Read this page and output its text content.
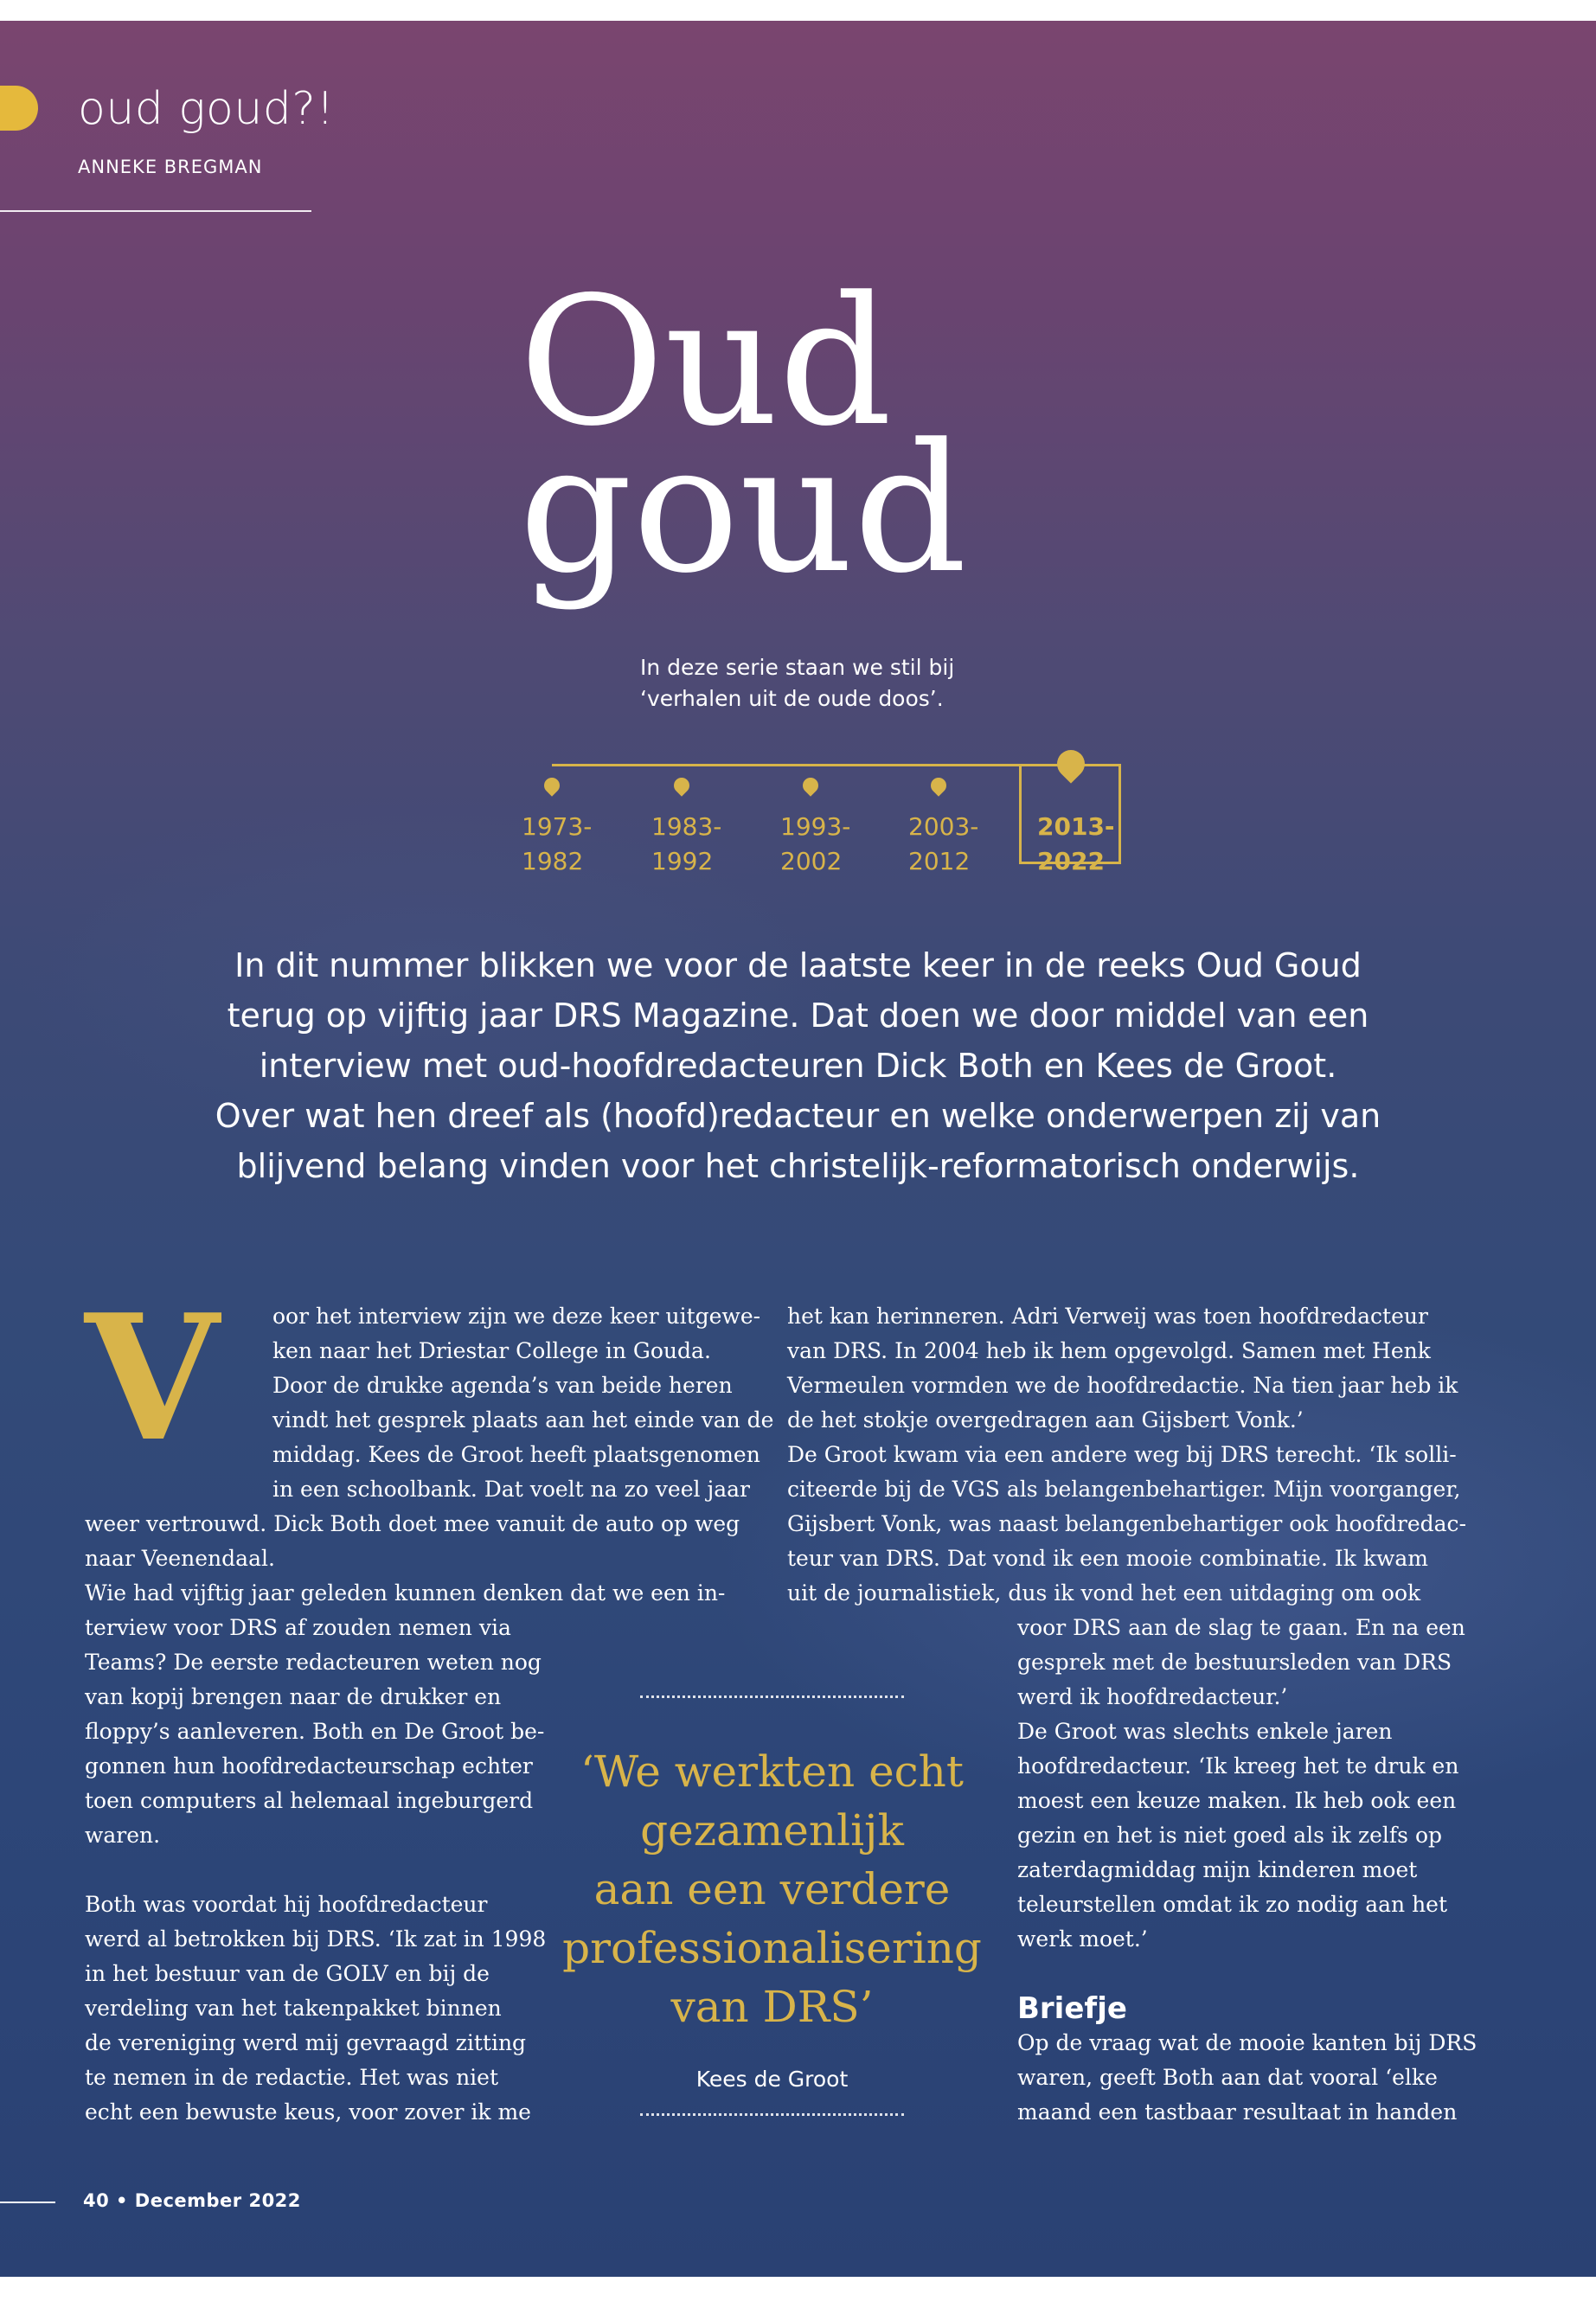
oud goud?!
ANNEKE BREGMAN
Oud
goud
In deze serie staan we stil bij
‘verhalen uit de oude doos’.
1973-
1982
1983-
1992
1993-
2002
2003-
2012
2013-
2022
In dit nummer blikken we voor de laatste keer in de reeks Oud Goud
terug op vijftig jaar DRS Magazine. Dat doen we door middel van een
interview met oud-hoofdredacteuren Dick Both en Kees de Groot.
Over wat hen dreef als (hoofd)redacteur en welke onderwerpen zij van
blijvend belang vinden voor het christelijk-reformatorisch onderwijs.
V oor het interview zijn we deze keer uitgewe-
ken naar het Driestar College in Gouda.
Door de drukke agenda’s van beide heren
vindt het gesprek plaats aan het einde van de
middag. Kees de Groot heeft plaatsgenomen
in een schoolbank. Dat voelt na zo veel jaar
weer vertrouwd. Dick Both doet mee vanuit de auto op weg
naar Veenendaal.
Wie had vijftig jaar geleden kunnen denken dat we een in-
terview voor DRS af zouden nemen via
Teams? De eerste redacteuren weten nog
van kopij brengen naar de drukker en
floppy’s aanleveren. Both en De Groot be-
gonnen hun hoofdredacteurschap echter
toen computers al helemaal ingeburgerd
waren.
Both was voordat hij hoofdredacteur
werd al betrokken bij DRS. ‘Ik zat in 1998
in het bestuur van de GOLV en bij de
verdeling van het takenpakket binnen
de vereniging werd mij gevraagd zitting
te nemen in de redactie. Het was niet
echt een bewuste keus, voor zover ik me
het kan herinneren. Adri Verweij was toen hoofdredacteur
van DRS. In 2004 heb ik hem opgevolgd. Samen met Henk
Vermeulen vormden we de hoofdredactie. Na tien jaar heb ik
de het stokje overgedragen aan Gijsbert Vonk.’
De Groot kwam via een andere weg bij DRS terecht. ‘Ik solli-
citeerde bij de VGS als belangenbehartiger. Mijn voorganger,
Gijsbert Vonk, was naast belangenbehartiger ook hoofdredac-
teur van DRS. Dat vond ik een mooie combinatie. Ik kwam
uit de journalistiek, dus ik vond het een uitdaging om ook
‘We werkten echt
gezamenlijk
aan een verdere
professionalisering
van DRS’
Kees de Groot
voor DRS aan de slag te gaan. En na een
gesprek met de bestuursleden van DRS
werd ik hoofdredacteur.’
De Groot was slechts enkele jaren
hoofdredacteur. ‘Ik kreeg het te druk en
moest een keuze maken. Ik heb ook een
gezin en het is niet goed als ik zelfs op
zaterdagmiddag mijn kinderen moet
teleurstellen omdat ik zo nodig aan het
werk moet.’
Briefje
Op de vraag wat de mooie kanten bij DRS
waren, geeft Both aan dat vooral ‘elke
maand een tastbaar resultaat in handen
40 • December 2022
